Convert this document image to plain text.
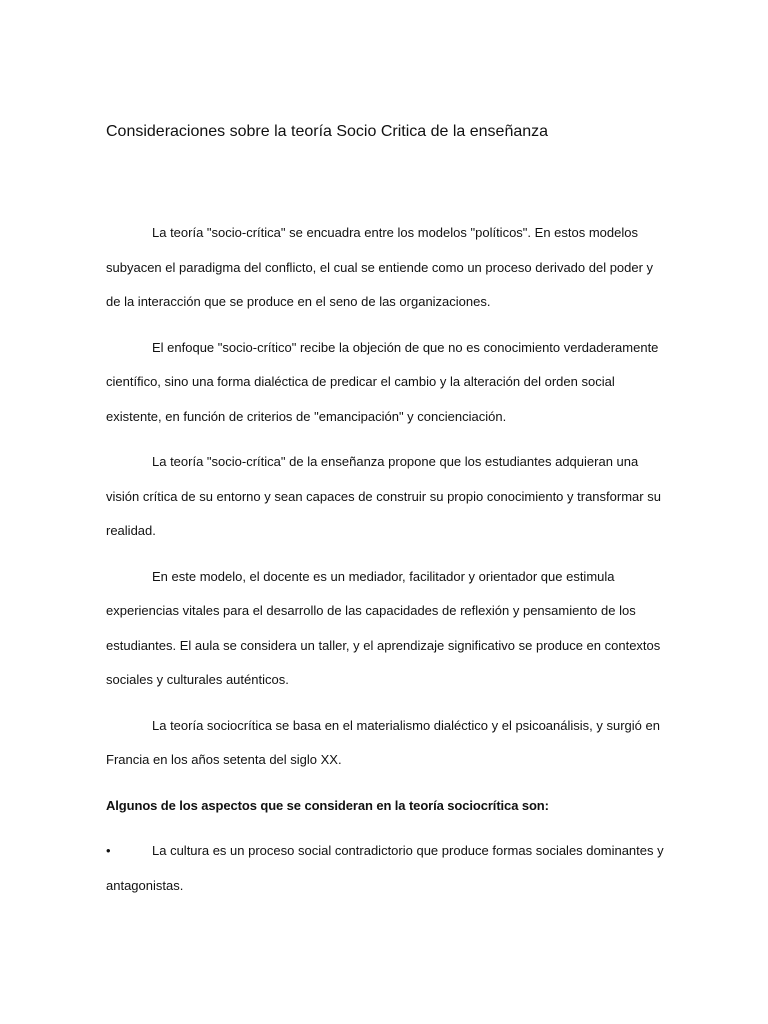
Consideraciones sobre la teoría Socio Critica de la enseñanza

La teoría "socio-crítica" se encuadra entre los modelos "políticos". En estos modelos subyacen el paradigma del conflicto, el cual se entiende como un proceso derivado del poder y de la interacción que se produce en el seno de las organizaciones.

El enfoque "socio-crítico" recibe la objeción de que no es conocimiento verdaderamente científico, sino una forma dialéctica de predicar el cambio y la alteración del orden social existente, en función de criterios de "emancipación" y concienciación.

La teoría "socio-crítica" de la enseñanza propone que los estudiantes adquieran una visión crítica de su entorno y sean capaces de construir su propio conocimiento y transformar su realidad.

En este modelo, el docente es un mediador, facilitador y orientador que estimula experiencias vitales para el desarrollo de las capacidades de reflexión y pensamiento de los estudiantes. El aula se considera un taller, y el aprendizaje significativo se produce en contextos sociales y culturales auténticos.

La teoría sociocrítica se basa en el materialismo dialéctico y el psicoanálisis, y surgió en Francia en los años setenta del siglo XX.

Algunos de los aspectos que se consideran en la teoría sociocrítica son:

•	La cultura es un proceso social contradictorio que produce formas sociales dominantes y antagonistas.
